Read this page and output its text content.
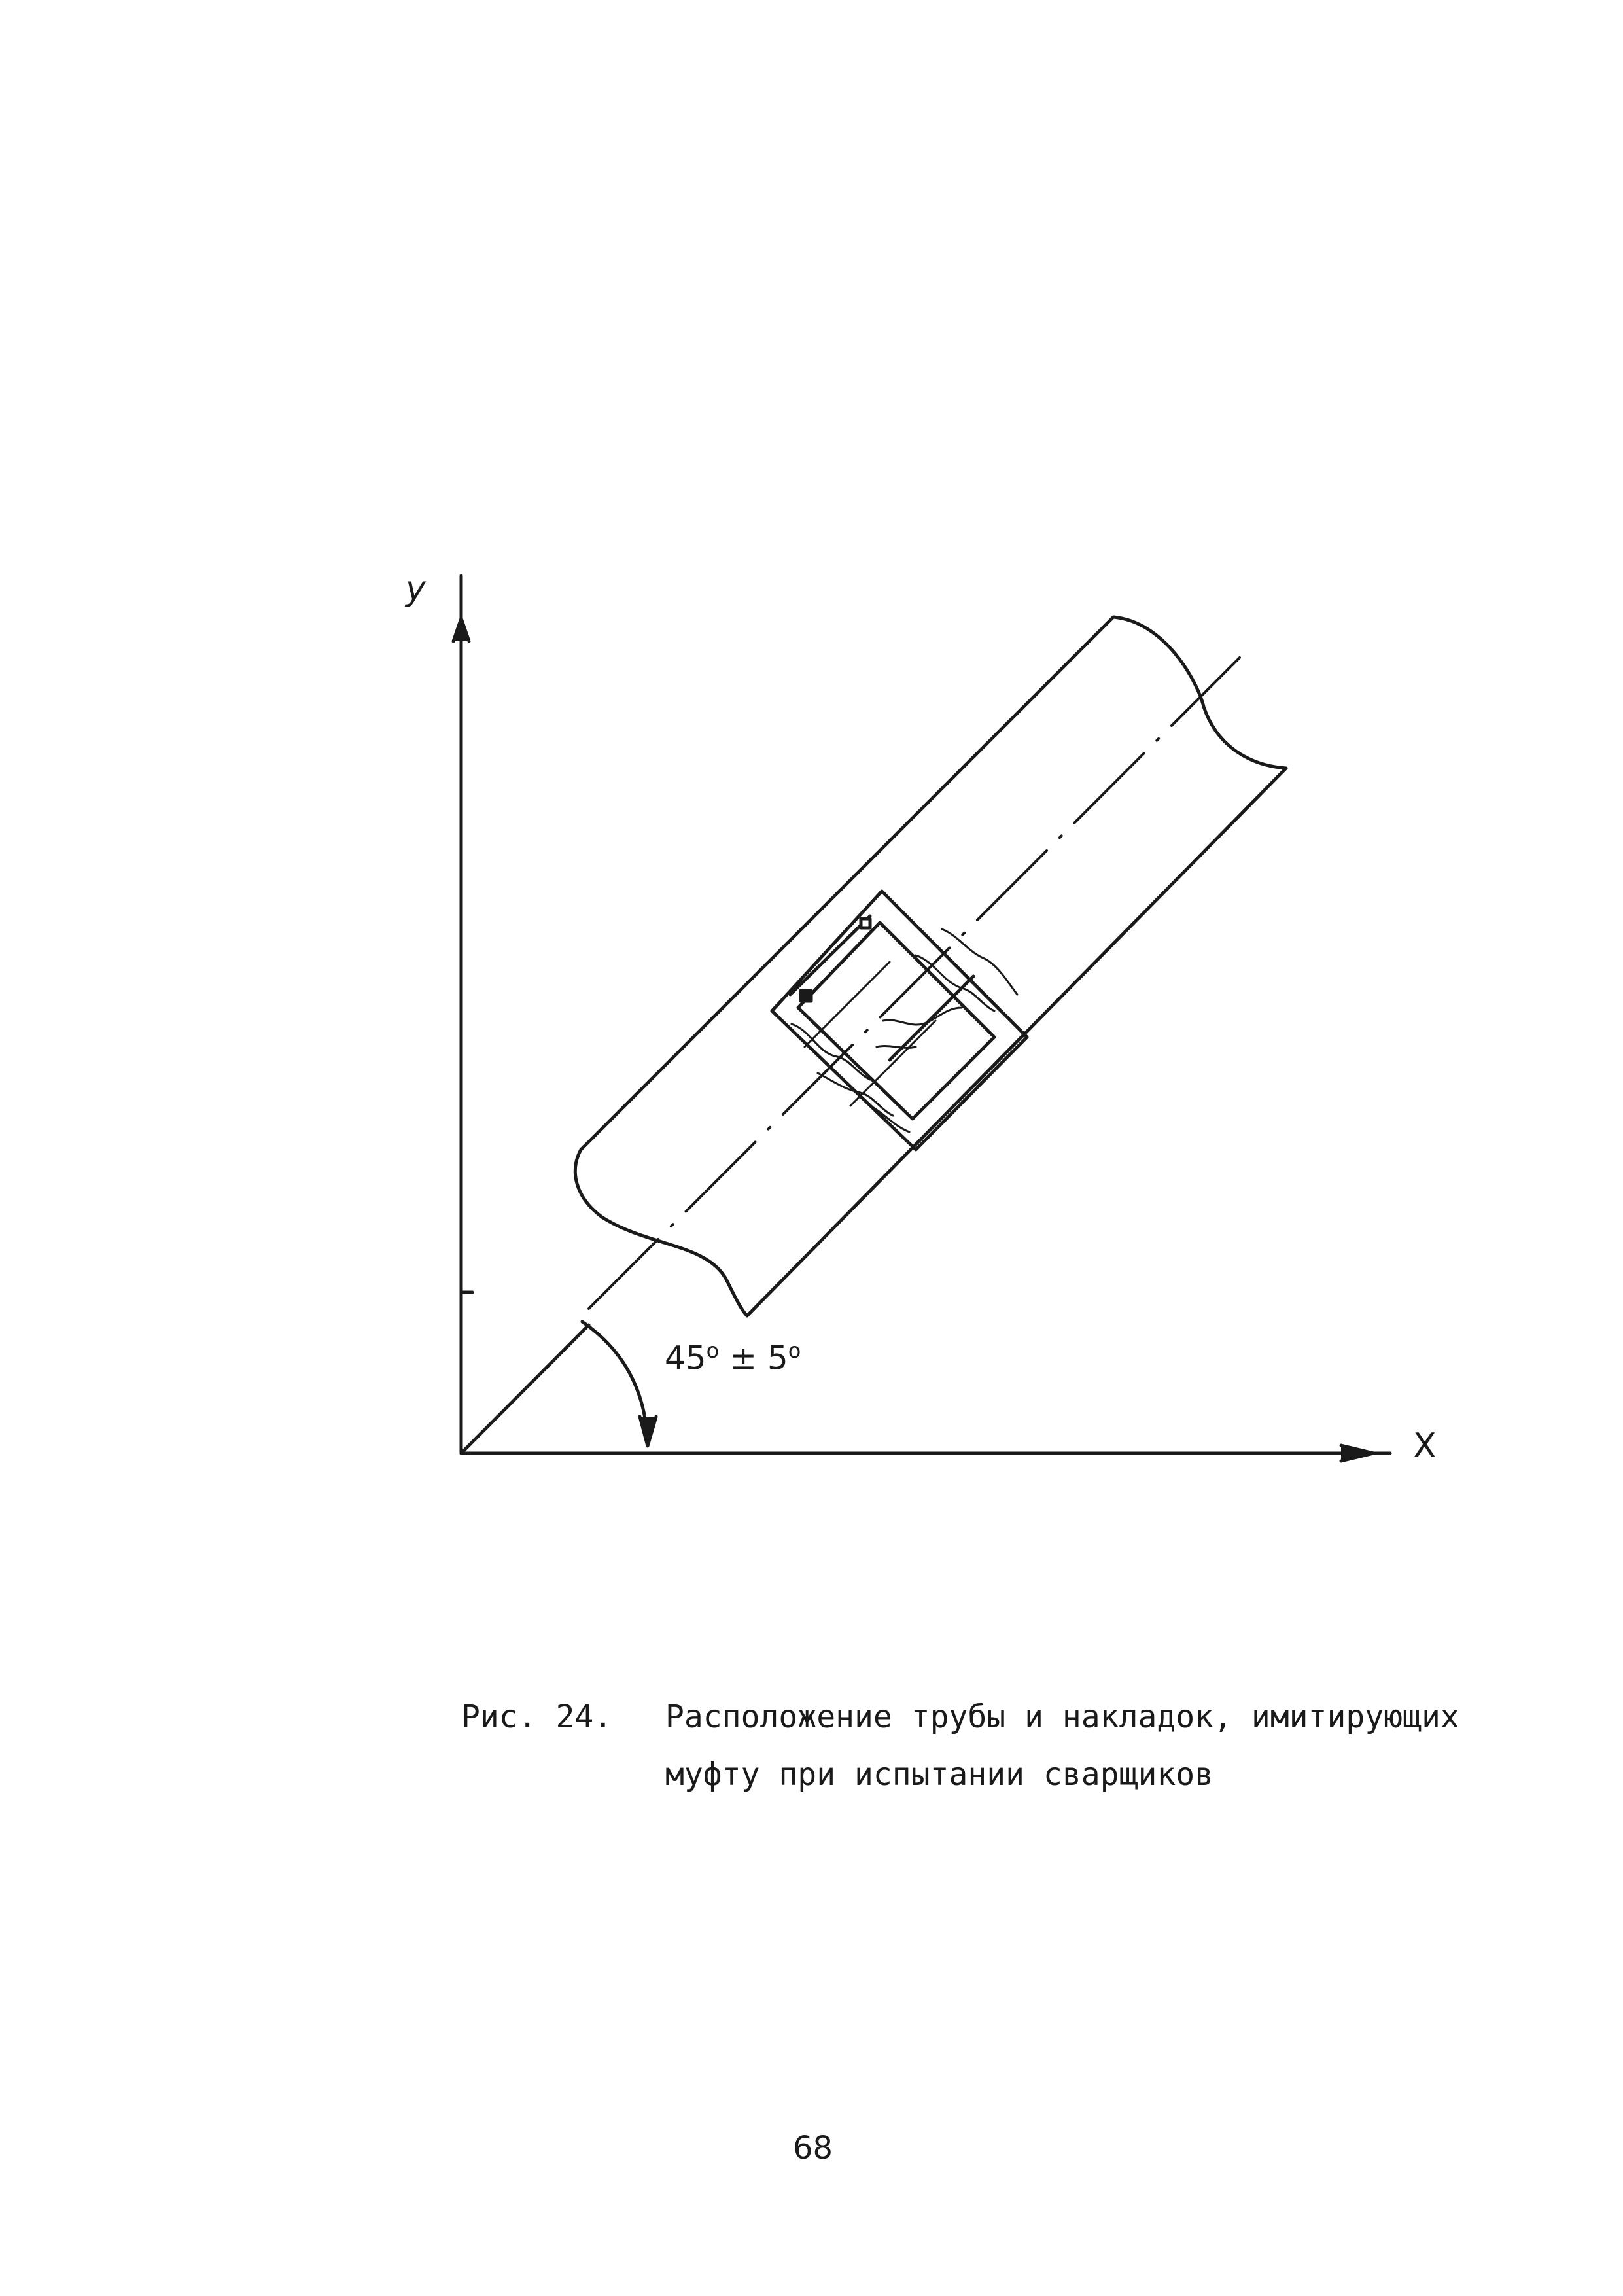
y
X
$45^o \pm 5^o$
Рис. 24. Расположение трубы и накладок, имитирующих
муфту при испытании сварщиков
68
